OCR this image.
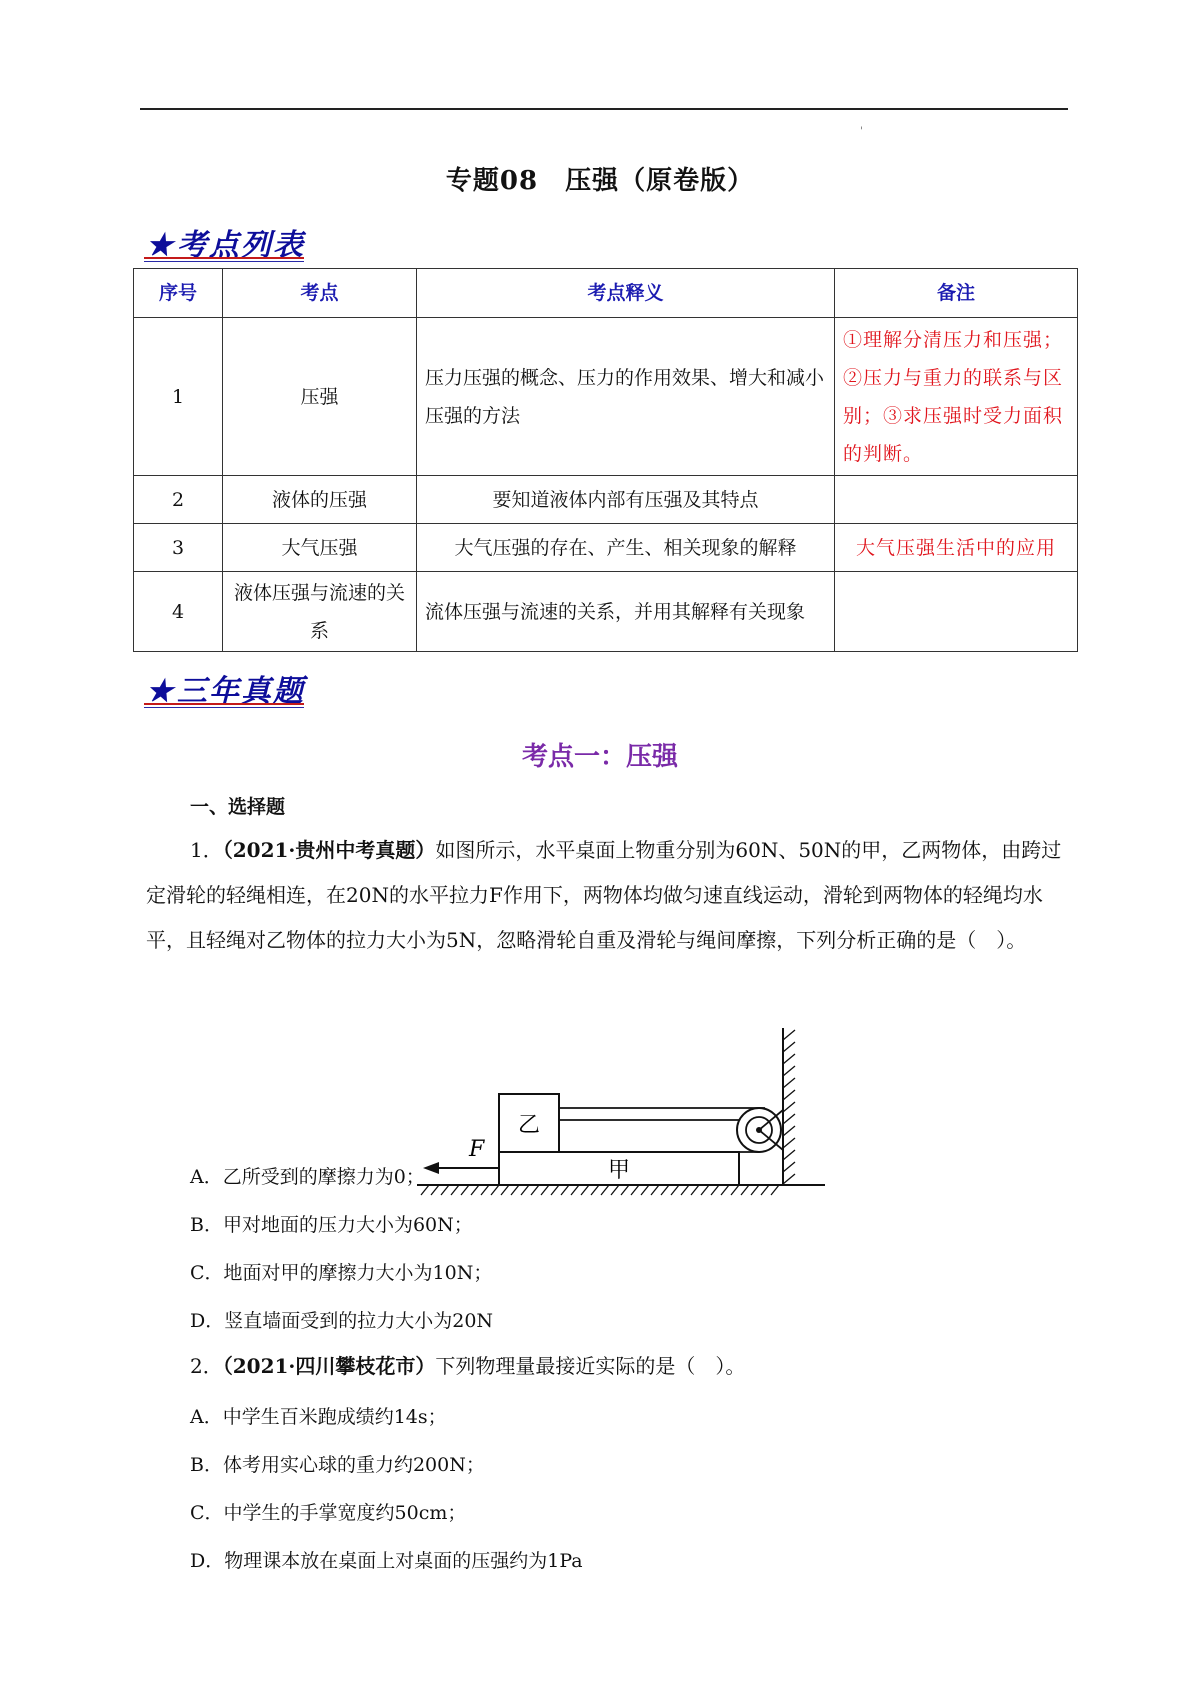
'
专题08　压强（原卷版）
★考点列表
序号	考点	考点释义	备注
1	压强	压力压强的概念、压力的作用效果、增大和减小压强的方法	①理解分清压力和压强；②压力与重力的联系与区别；③求压强时受力面积的判断。
2	液体的压强	要知道液体内部有压强及其特点	
3	大气压强	大气压强的存在、产生、相关现象的解释	大气压强生活中的应用
4	液体压强与流速的关系	流体压强与流速的关系，并用其解释有关现象	
★三年真题
考点一：压强
一、选择题
1．（2021·贵州中考真题）如图所示，水平桌面上物重分别为60N、50N的甲，乙两物体，由跨过定滑轮的轻绳相连，在20N的水平拉力F作用下，两物体均做匀速直线运动，滑轮到两物体的轻绳均水平，且轻绳对乙物体的拉力大小为5N，忽略滑轮自重及滑轮与绳间摩擦，下列分析正确的是（　）。
甲
乙
F
A．乙所受到的摩擦力为0；
B．甲对地面的压力大小为60N；
C．地面对甲的摩擦力大小为10N；
D．竖直墙面受到的拉力大小为20N
2．（2021·四川攀枝花市）下列物理量最接近实际的是（　）。
A．中学生百米跑成绩约14s；
B．体考用实心球的重力约200N；
C．中学生的手掌宽度约50cm；
D．物理课本放在桌面上对桌面的压强约为1Pa
